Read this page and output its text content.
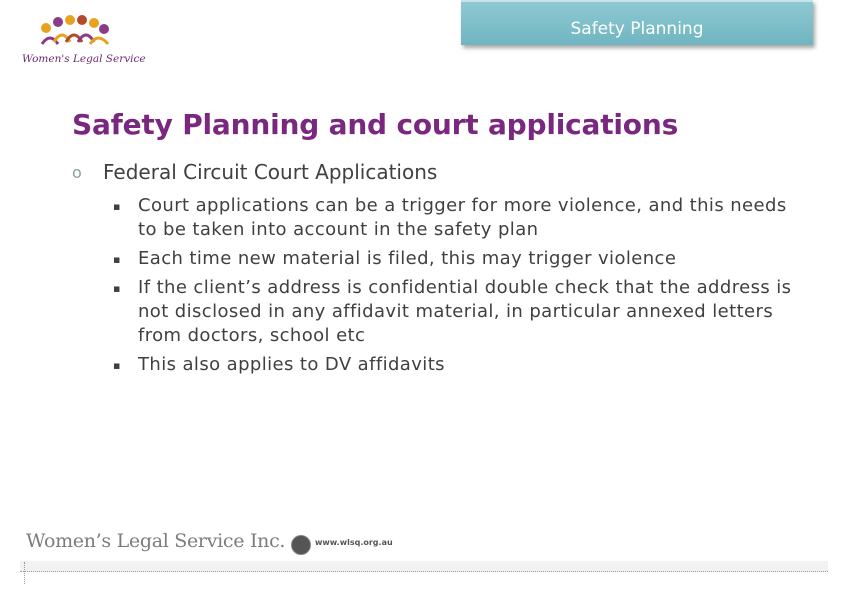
Safety Planning
Women's Legal Service
Safety Planning and court applications
o Federal Circuit Court Applications
▪ Court applications can be a trigger for more violence, and this needs to be taken into account in the safety plan
▪ Each time new material is filed, this may trigger violence
▪ If the client’s address is confidential double check that the address is not disclosed in any affidavit material, in particular annexed letters from doctors, school etc
▪ This also applies to DV affidavits
Women’s Legal Service Inc.	www.wlsq.org.au
